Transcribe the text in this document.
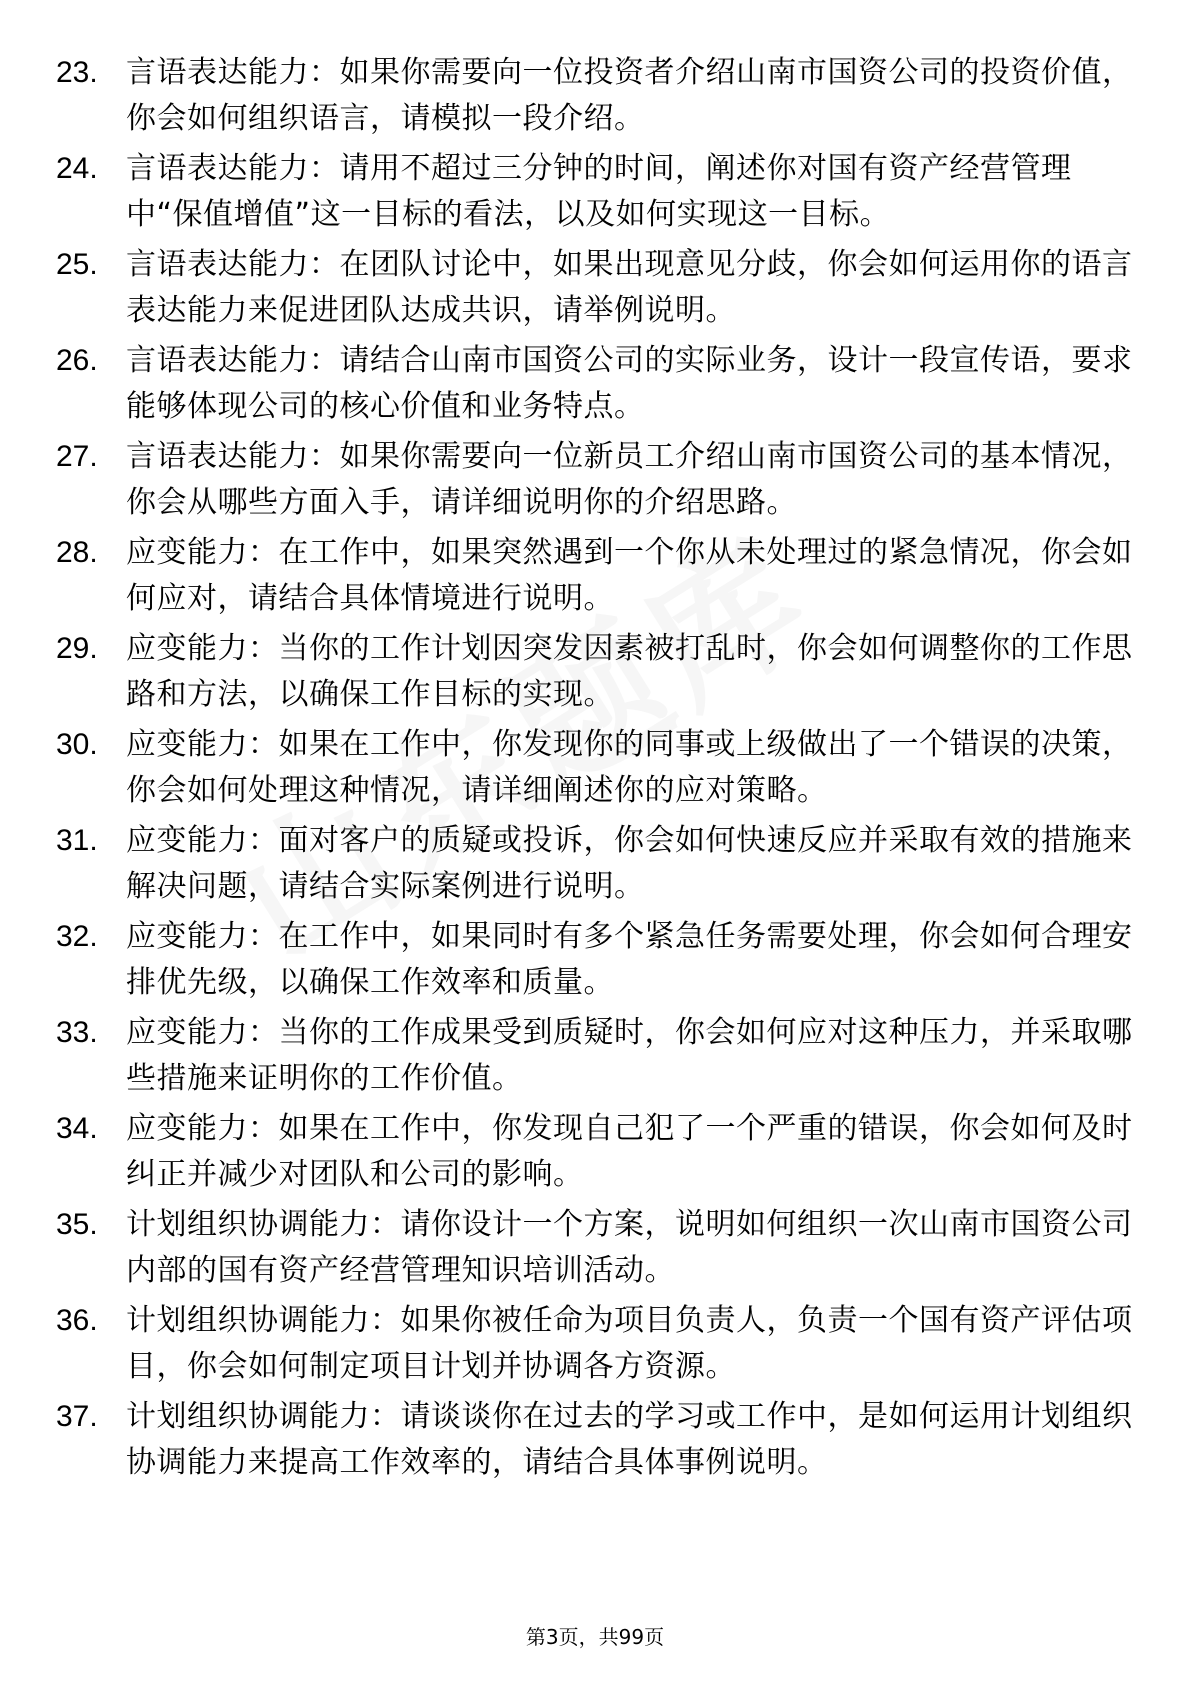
23. 言语表达能力：如果你需要向一位投资者介绍山南市国资公司的投资价值，你会如何组织语言，请模拟一段介绍。
24. 言语表达能力：请用不超过三分钟的时间，阐述你对国有资产经营管理中“保值增值”这一目标的看法，以及如何实现这一目标。
25. 言语表达能力：在团队讨论中，如果出现意见分歧，你会如何运用你的语言表达能力来促进团队达成共识，请举例说明。
26. 言语表达能力：请结合山南市国资公司的实际业务，设计一段宣传语，要求能够体现公司的核心价值和业务特点。
27. 言语表达能力：如果你需要向一位新员工介绍山南市国资公司的基本情况，你会从哪些方面入手，请详细说明你的介绍思路。
28. 应变能力：在工作中，如果突然遇到一个你从未处理过的紧急情况，你会如何应对，请结合具体情境进行说明。
29. 应变能力：当你的工作计划因突发因素被打乱时，你会如何调整你的工作思路和方法，以确保工作目标的实现。
30. 应变能力：如果在工作中，你发现你的同事或上级做出了一个错误的决策，你会如何处理这种情况，请详细阐述你的应对策略。
31. 应变能力：面对客户的质疑或投诉，你会如何快速反应并采取有效的措施来解决问题，请结合实际案例进行说明。
32. 应变能力：在工作中，如果同时有多个紧急任务需要处理，你会如何合理安排优先级，以确保工作效率和质量。
33. 应变能力：当你的工作成果受到质疑时，你会如何应对这种压力，并采取哪些措施来证明你的工作价值。
34. 应变能力：如果在工作中，你发现自己犯了一个严重的错误，你会如何及时纠正并减少对团队和公司的影响。
35. 计划组织协调能力：请你设计一个方案，说明如何组织一次山南市国资公司内部的国有资产经营管理知识培训活动。
36. 计划组织协调能力：如果你被任命为项目负责人，负责一个国有资产评估项目，你会如何制定项目计划并协调各方资源。
37. 计划组织协调能力：请谈谈你在过去的学习或工作中，是如何运用计划组织协调能力来提高工作效率的，请结合具体事例说明。
第3页，共99页
